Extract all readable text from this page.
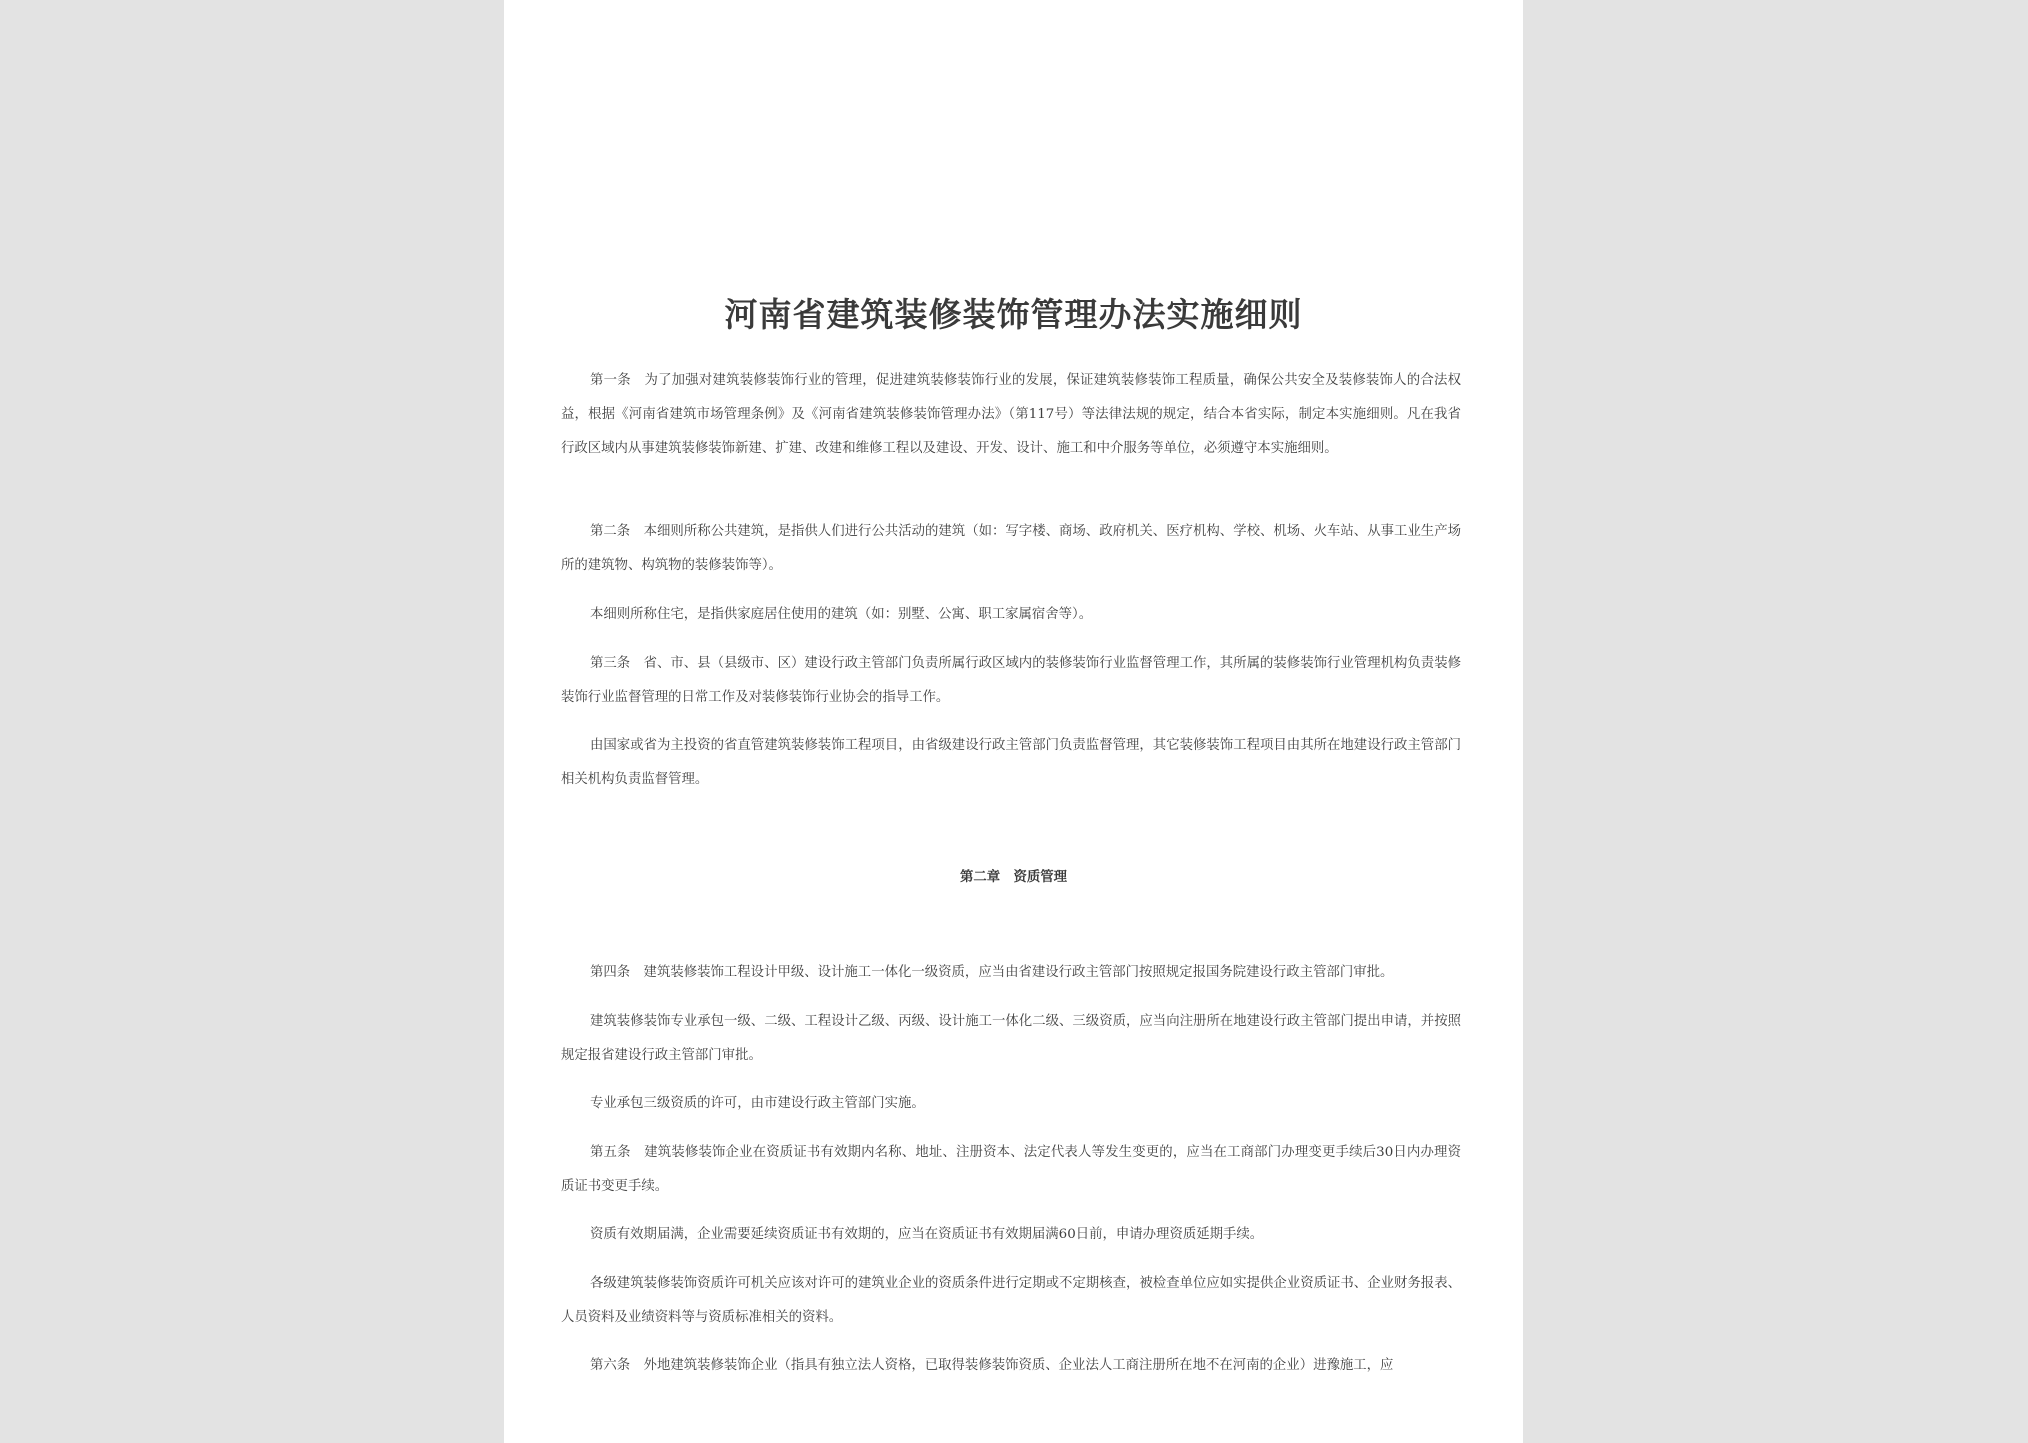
河南省建筑装修装饰管理办法实施细则

第一条　为了加强对建筑装修装饰行业的管理，促进建筑装修装饰行业的发展，保证建筑装修装饰工程质量，确保公共安全及装修装饰人的合法权益，根据《河南省建筑市场管理条例》及《河南省建筑装修装饰管理办法》（第117号）等法律法规的规定，结合本省实际，制定本实施细则。凡在我省行政区域内从事建筑装修装饰新建、扩建、改建和维修工程以及建设、开发、设计、施工和中介服务等单位，必须遵守本实施细则。

第二条　本细则所称公共建筑，是指供人们进行公共活动的建筑（如：写字楼、商场、政府机关、医疗机构、学校、机场、火车站、从事工业生产场所的建筑物、构筑物的装修装饰等）。

本细则所称住宅，是指供家庭居住使用的建筑（如：别墅、公寓、职工家属宿舍等）。

第三条　省、市、县（县级市、区）建设行政主管部门负责所属行政区域内的装修装饰行业监督管理工作，其所属的装修装饰行业管理机构负责装修装饰行业监督管理的日常工作及对装修装饰行业协会的指导工作。

由国家或省为主投资的省直管建筑装修装饰工程项目，由省级建设行政主管部门负责监督管理，其它装修装饰工程项目由其所在地建设行政主管部门相关机构负责监督管理。

第二章　资质管理

第四条　建筑装修装饰工程设计甲级、设计施工一体化一级资质，应当由省建设行政主管部门按照规定报国务院建设行政主管部门审批。

建筑装修装饰专业承包一级、二级、工程设计乙级、丙级、设计施工一体化二级、三级资质，应当向注册所在地建设行政主管部门提出申请，并按照规定报省建设行政主管部门审批。

专业承包三级资质的许可，由市建设行政主管部门实施。

第五条　建筑装修装饰企业在资质证书有效期内名称、地址、注册资本、法定代表人等发生变更的，应当在工商部门办理变更手续后30日内办理资质证书变更手续。

资质有效期届满，企业需要延续资质证书有效期的，应当在资质证书有效期届满60日前，申请办理资质延期手续。

各级建筑装修装饰资质许可机关应该对许可的建筑业企业的资质条件进行定期或不定期核查，被检查单位应如实提供企业资质证书、企业财务报表、人员资料及业绩资料等与资质标准相关的资料。

第六条　外地建筑装修装饰企业（指具有独立法人资格，已取得装修装饰资质、企业法人工商注册所在地不在河南的企业）进豫施工，应
